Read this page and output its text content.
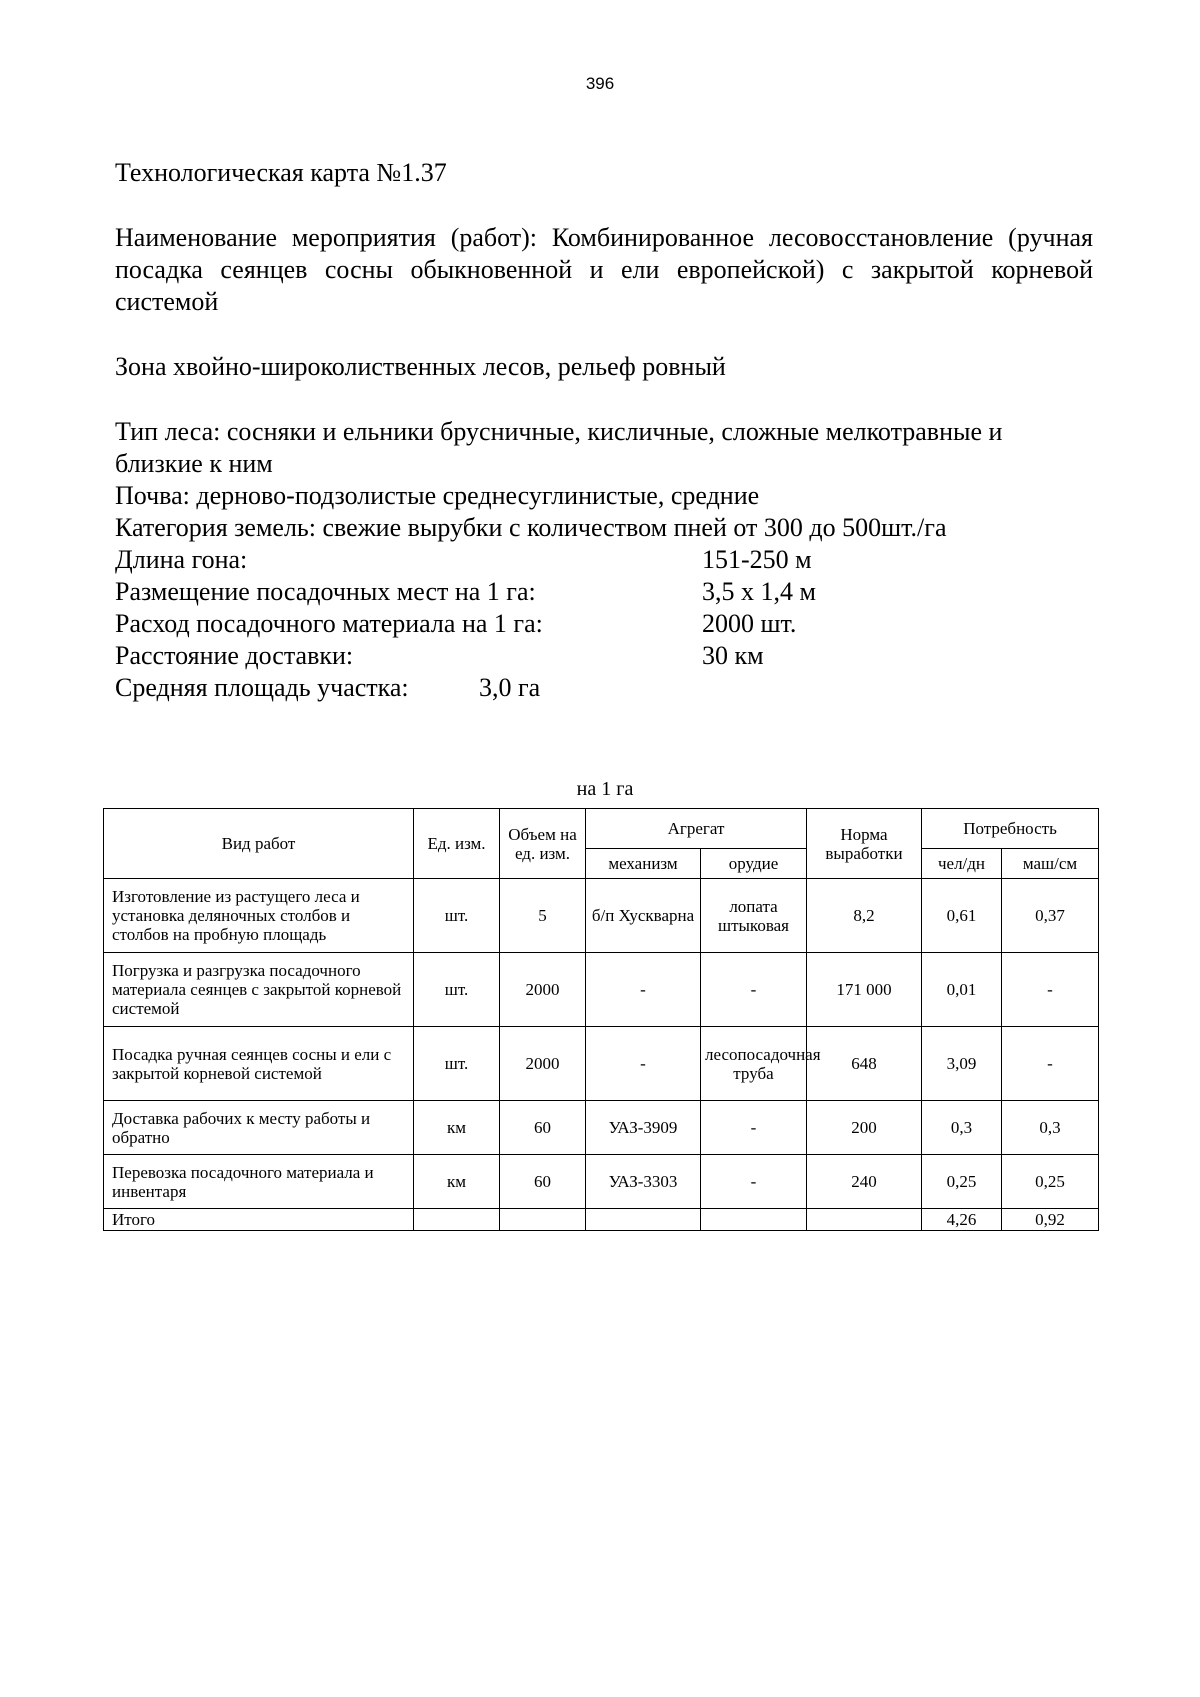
396

Технологическая карта №1.37

Наименование мероприятия (работ): Комбинированное лесовосстановление (ручная посадка сеянцев сосны обыкновенной и ели европейской) с закрытой корневой системой

Зона хвойно-широколиственных лесов, рельеф ровный

Тип леса: сосняки и ельники брусничные, кисличные, сложные мелкотравные и близкие к ним

Почва: дерново-подзолистые среднесуглинистые, средние

Категория земель: свежие вырубки с количеством пней от 300 до 500шт./га

Длина гона:	151-250 м
Размещение посадочных мест на 1 га:	3,5 х 1,4 м
Расход посадочного материала на 1 га:	2000 шт.
Расстояние доставки:	30 км
Средняя площадь участка:	3,0 га
на 1 га
Вид работ	Ед. изм.	Объем на ед. изм.	Агрегат		Норма выработки	Потребность	
			механизм	орудие		чел/дн	маш/см
Изготовление из растущего леса и установка деляночных столбов и столбов на пробную площадь	шт.	5	б/п Хускварна	лопата штыковая	8,2	0,61	0,37
Погрузка и разгрузка посадочного материала сеянцев с закрытой корневой системой	шт.	2000	-	-	171 000	0,01	-
Посадка ручная сеянцев сосны и ели с закрытой корневой системой	шт.	2000	-	лесопосадочная труба	648	3,09	-
Доставка рабочих к месту работы и обратно	км	60	УАЗ-3909	-	200	0,3	0,3
Перевозка посадочного материала и инвентаря	км	60	УАЗ-3303	-	240	0,25	0,25
Итого						4,26	0,92
